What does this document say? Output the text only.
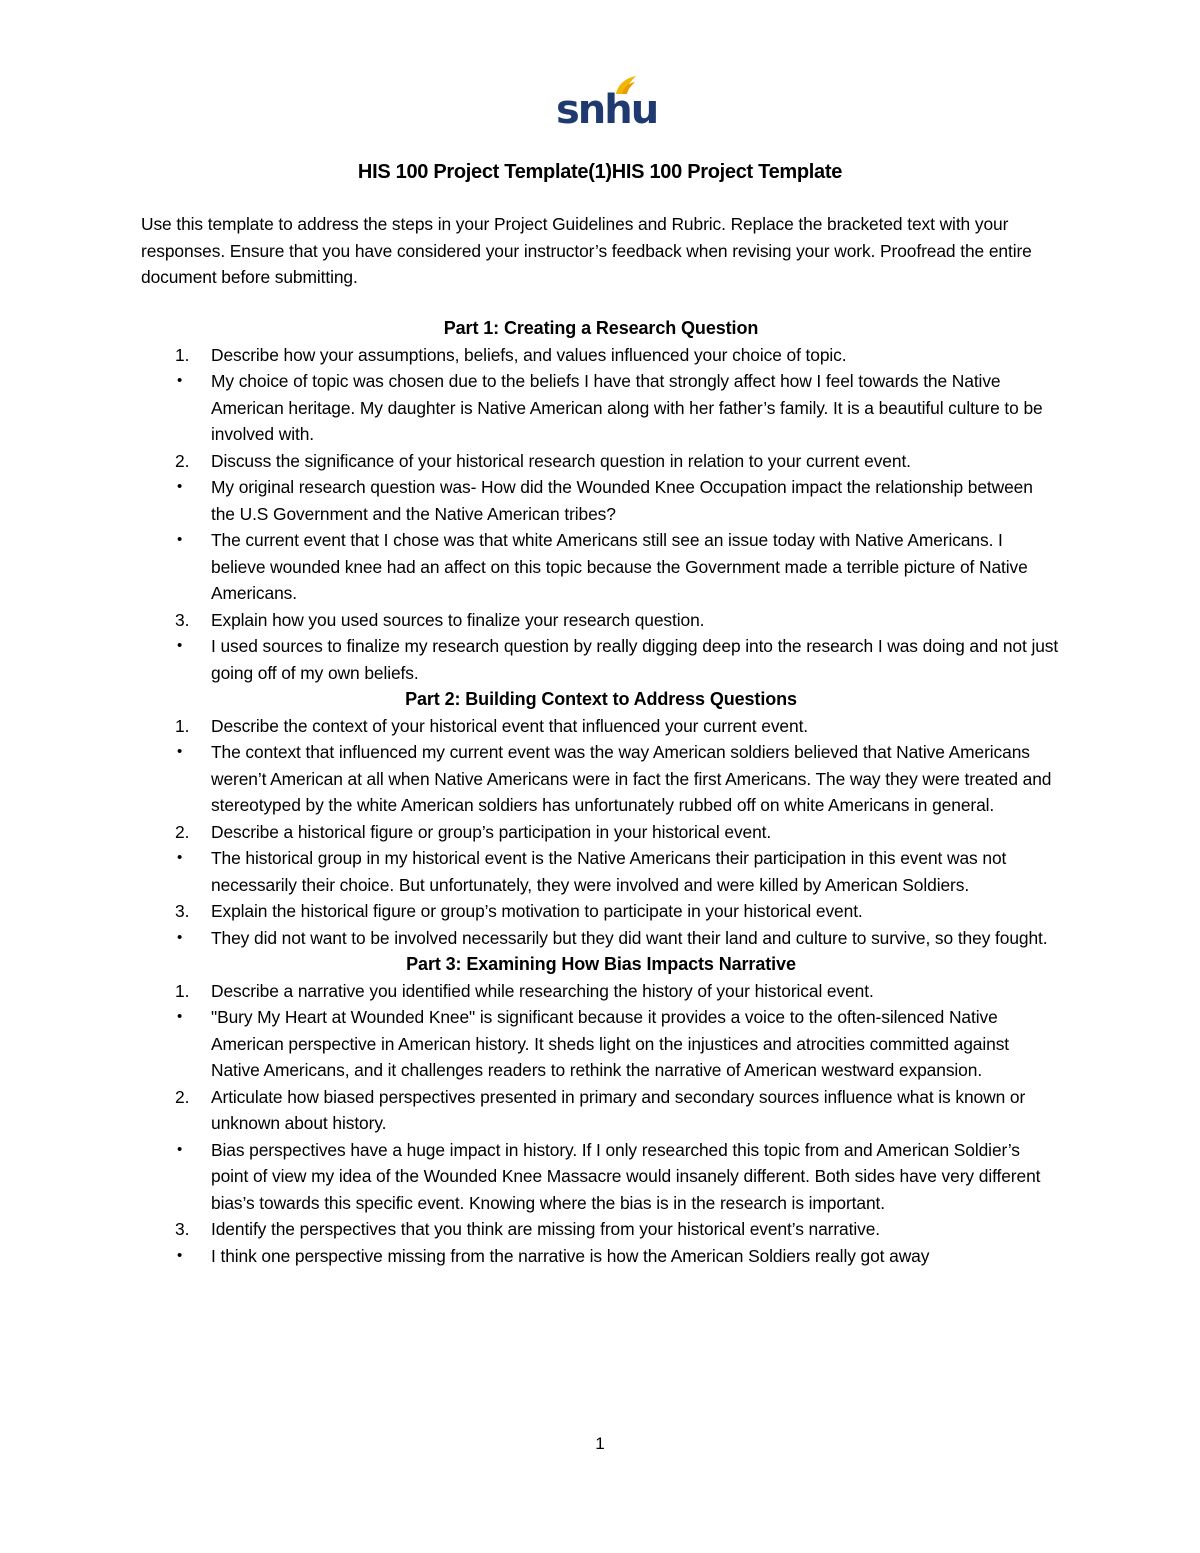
snhu
HIS 100 Project Template(1)HIS 100 Project Template
Use this template to address the steps in your Project Guidelines and Rubric. Replace the bracketed text with your responses. Ensure that you have considered your instructor’s feedback when revising your work. Proofread the entire document before submitting.
Part 1: Creating a Research Question
1. Describe how your assumptions, beliefs, and values influenced your choice of topic.
• My choice of topic was chosen due to the beliefs I have that strongly affect how I feel towards the Native American heritage. My daughter is Native American along with her father’s family. It is a beautiful culture to be involved with.
2. Discuss the significance of your historical research question in relation to your current event.
• My original research question was- How did the Wounded Knee Occupation impact the relationship between the U.S Government and the Native American tribes?
• The current event that I chose was that white Americans still see an issue today with Native Americans. I believe wounded knee had an affect on this topic because the Government made a terrible picture of Native Americans.
3. Explain how you used sources to finalize your research question.
• I used sources to finalize my research question by really digging deep into the research I was doing and not just going off of my own beliefs.
Part 2: Building Context to Address Questions
1. Describe the context of your historical event that influenced your current event.
• The context that influenced my current event was the way American soldiers believed that Native Americans weren’t American at all when Native Americans were in fact the first Americans. The way they were treated and stereotyped by the white American soldiers has unfortunately rubbed off on white Americans in general.
2. Describe a historical figure or group’s participation in your historical event.
• The historical group in my historical event is the Native Americans their participation in this event was not necessarily their choice. But unfortunately, they were involved and were killed by American Soldiers.
3. Explain the historical figure or group’s motivation to participate in your historical event.
• They did not want to be involved necessarily but they did want their land and culture to survive, so they fought.
Part 3: Examining How Bias Impacts Narrative
1. Describe a narrative you identified while researching the history of your historical event.
• "Bury My Heart at Wounded Knee" is significant because it provides a voice to the often-silenced Native American perspective in American history. It sheds light on the injustices and atrocities committed against Native Americans, and it challenges readers to rethink the narrative of American westward expansion.
2. Articulate how biased perspectives presented in primary and secondary sources influence what is known or unknown about history.
• Bias perspectives have a huge impact in history. If I only researched this topic from and American Soldier’s point of view my idea of the Wounded Knee Massacre would insanely different. Both sides have very different bias’s towards this specific event. Knowing where the bias is in the research is important.
3. Identify the perspectives that you think are missing from your historical event’s narrative.
• I think one perspective missing from the narrative is how the American Soldiers really got away
1
